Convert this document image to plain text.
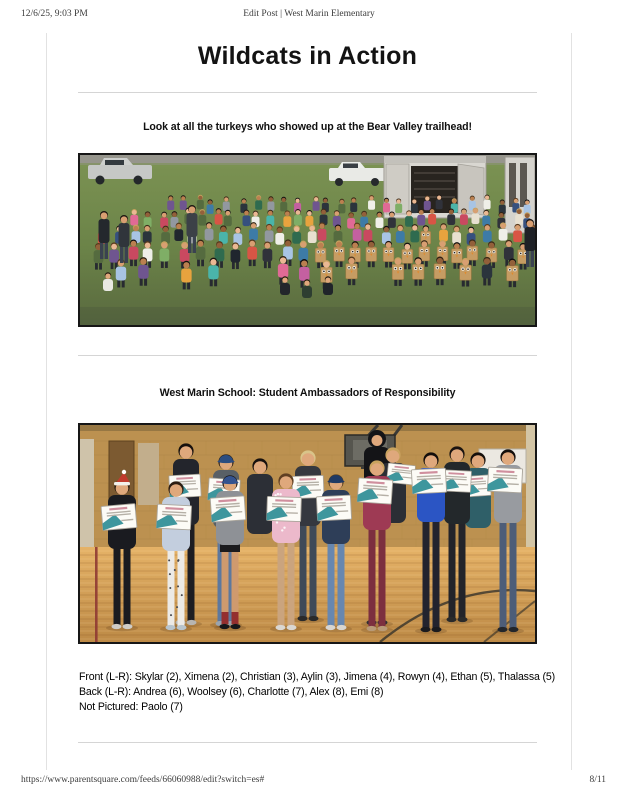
12/6/25, 9:03 PM	Edit Post | West Marin Elementary
Wildcats in Action
Look at all the turkeys who showed up at the Bear Valley trailhead!
West Marin School: Student Ambassadors of Responsibility
Front (L-R): Skylar (2), Ximena (2), Christian (3), Aylin (3), Jimena (4), Rowyn (4), Ethan (5), Thalassa (5)
Back (L-R): Andrea (6), Woolsey (6), Charlotte (7), Alex (8), Emi (8)
Not Pictured: Paolo (7)
https://www.parentsquare.com/feeds/66060988/edit?switch=es#	8/11
